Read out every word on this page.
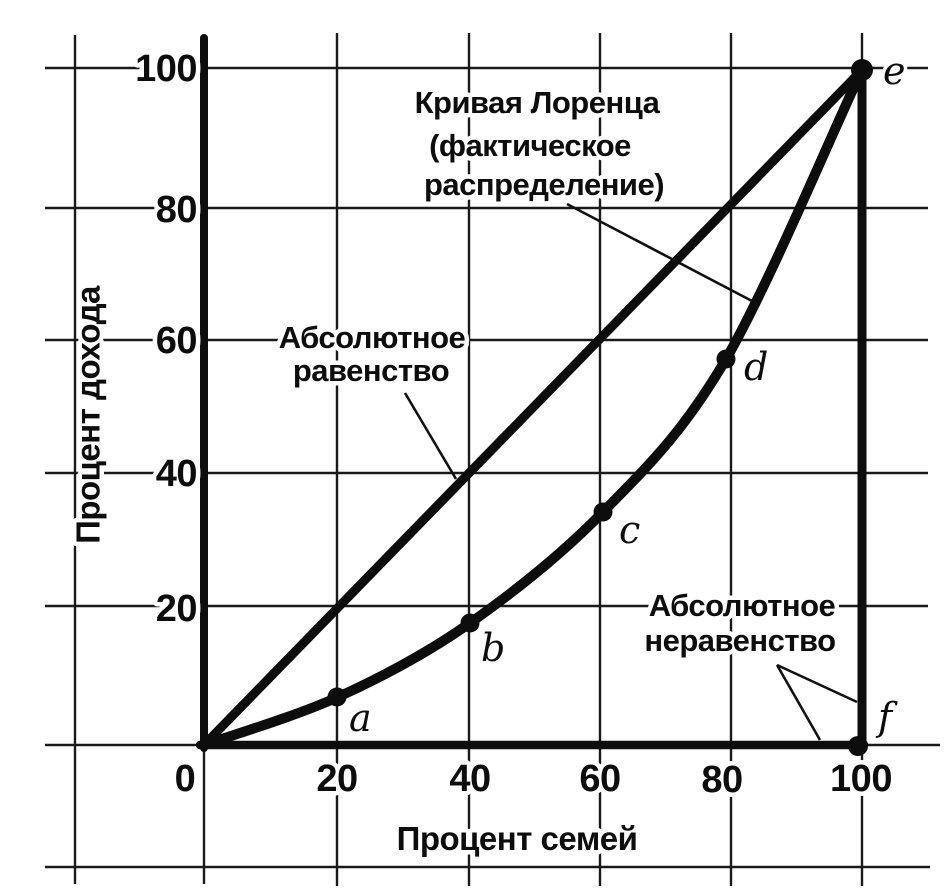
100
80
60
40
20
0	20 40 60 80 100
Процент семей
Процент дохода
Кривая Лоренца
(фактическое
распределение)
Абсолютное
равенство
Абсолютное
неравенство
a
b
c
d
e
f
